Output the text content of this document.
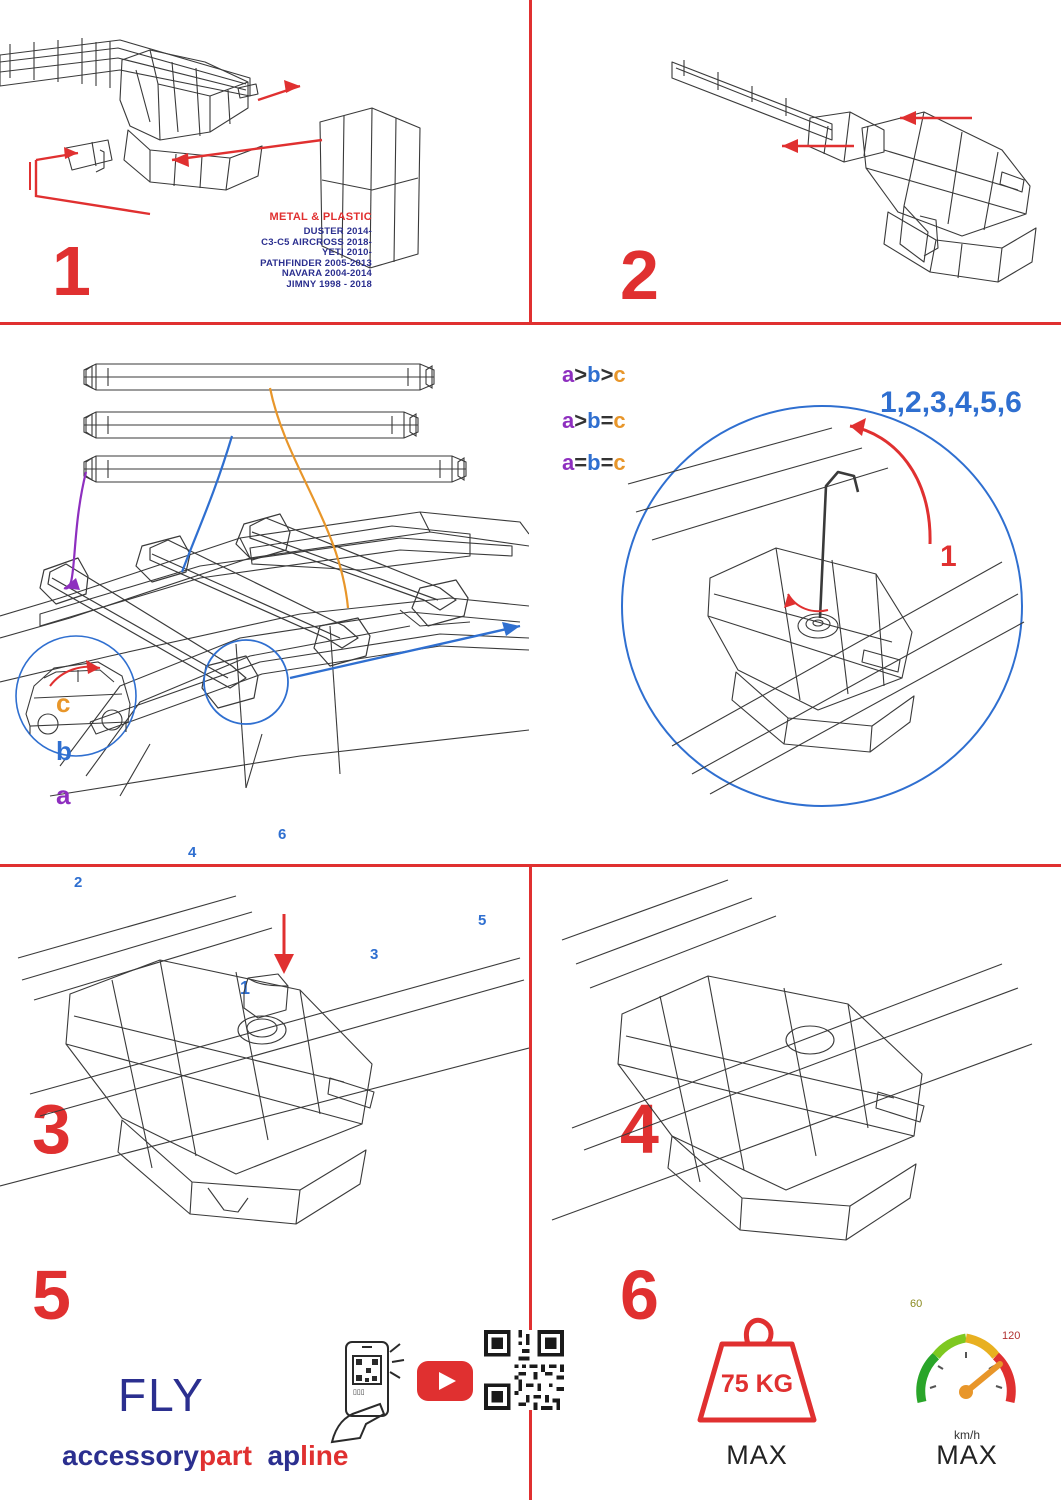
METAL & PLASTIC
DUSTER 2014-
C3-C5 AIRCROSS 2018-
YETI 2010-
PATHFINDER 2005-2013
NAVARA 2004-2014
JIMNY 1998 - 2018
1	2
c
b
a
2
4
6
3
5
1
3
a>b>c
a>b=c
a=b=c
1,2,3,4,5,6
1
4
5
FLY
accessorypart apline
▯▯▯
6
75 KG
MAX
60
120
km/h
MAX
